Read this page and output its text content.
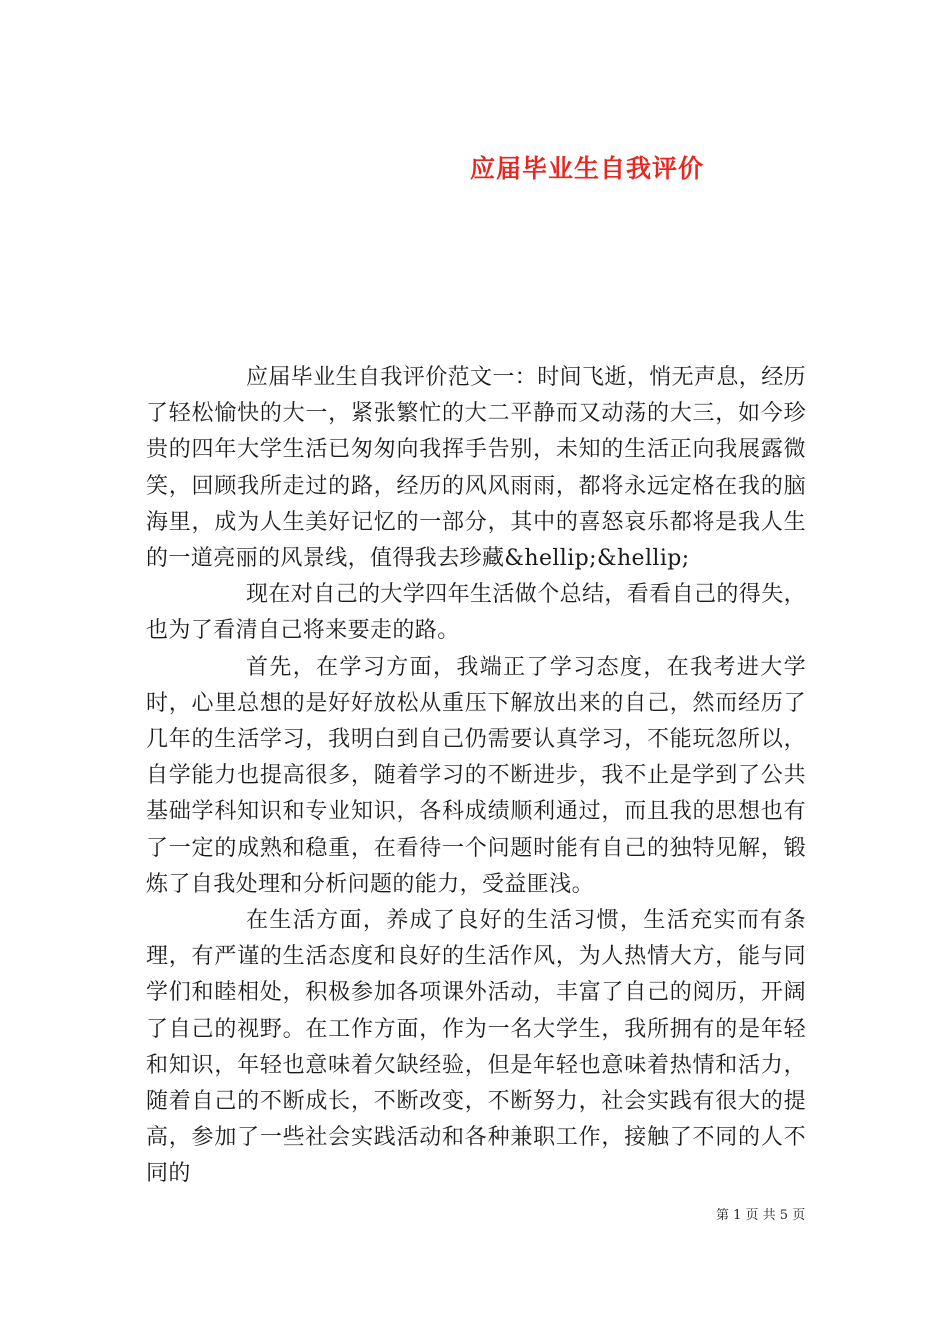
应届毕业生自我评价

应届毕业生自我评价范文一：时间飞逝，悄无声息，经历了轻松愉快的大一，紧张繁忙的大二平静而又动荡的大三，如今珍贵的四年大学生活已匆匆向我挥手告别，未知的生活正向我展露微笑，回顾我所走过的路，经历的风风雨雨，都将永远定格在我的脑海里，成为人生美好记忆的一部分，其中的喜怒哀乐都将是我人生的一道亮丽的风景线，值得我去珍藏&hellip;&hellip;

现在对自己的大学四年生活做个总结，看看自己的得失，也为了看清自己将来要走的路。

首先，在学习方面，我端正了学习态度，在我考进大学时，心里总想的是好好放松从重压下解放出来的自己，然而经历了几年的生活学习，我明白到自己仍需要认真学习，不能玩忽所以，自学能力也提高很多，随着学习的不断进步，我不止是学到了公共基础学科知识和专业知识，各科成绩顺利通过，而且我的思想也有了一定的成熟和稳重，在看待一个问题时能有自己的独特见解，锻炼了自我处理和分析问题的能力，受益匪浅。

在生活方面，养成了良好的生活习惯，生活充实而有条理，有严谨的生活态度和良好的生活作风，为人热情大方，能与同学们和睦相处，积极参加各项课外活动，丰富了自己的阅历，开阔了自己的视野。在工作方面，作为一名大学生，我所拥有的是年轻和知识，年轻也意味着欠缺经验，但是年轻也意味着热情和活力，随着自己的不断成长，不断改变，不断努力，社会实践有很大的提高，参加了一些社会实践活动和各种兼职工作，接触了不同的人不同的

第 1 页 共 5 页
